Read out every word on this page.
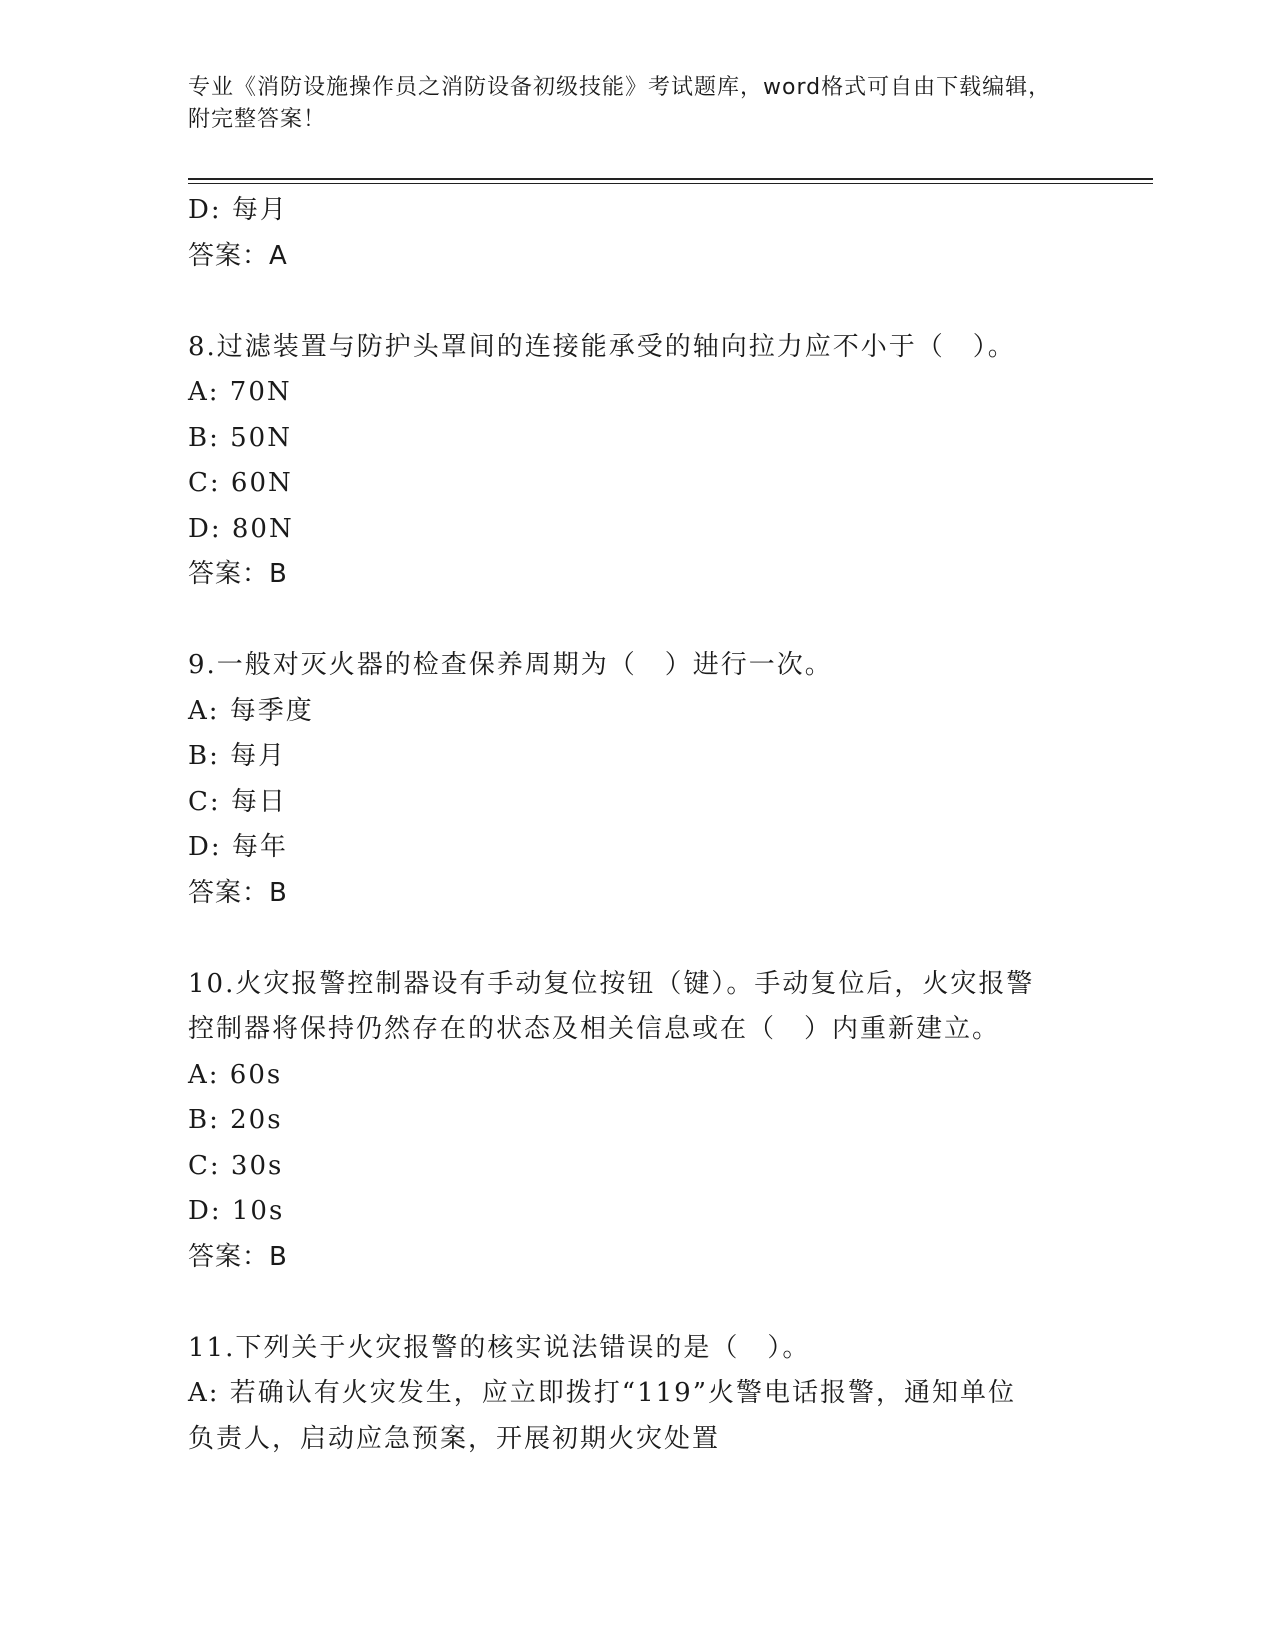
专业《消防设施操作员之消防设备初级技能》考试题库，word格式可自由下载编辑，附完整答案！
D: 每月
答案：A
8.过滤装置与防护头罩间的连接能承受的轴向拉力应不小于（　）。
A: 70N
B: 50N
C: 60N
D: 80N
答案：B
9.一般对灭火器的检查保养周期为（　）进行一次。
A: 每季度
B: 每月
C: 每日
D: 每年
答案：B
10.火灾报警控制器设有手动复位按钮（键）。手动复位后，火灾报警
控制器将保持仍然存在的状态及相关信息或在（　）内重新建立。
A: 60s
B: 20s
C: 30s
D: 10s
答案：B
11.下列关于火灾报警的核实说法错误的是（　）。
A: 若确认有火灾发生，应立即拨打“119”火警电话报警，通知单位
负责人，启动应急预案，开展初期火灾处置
